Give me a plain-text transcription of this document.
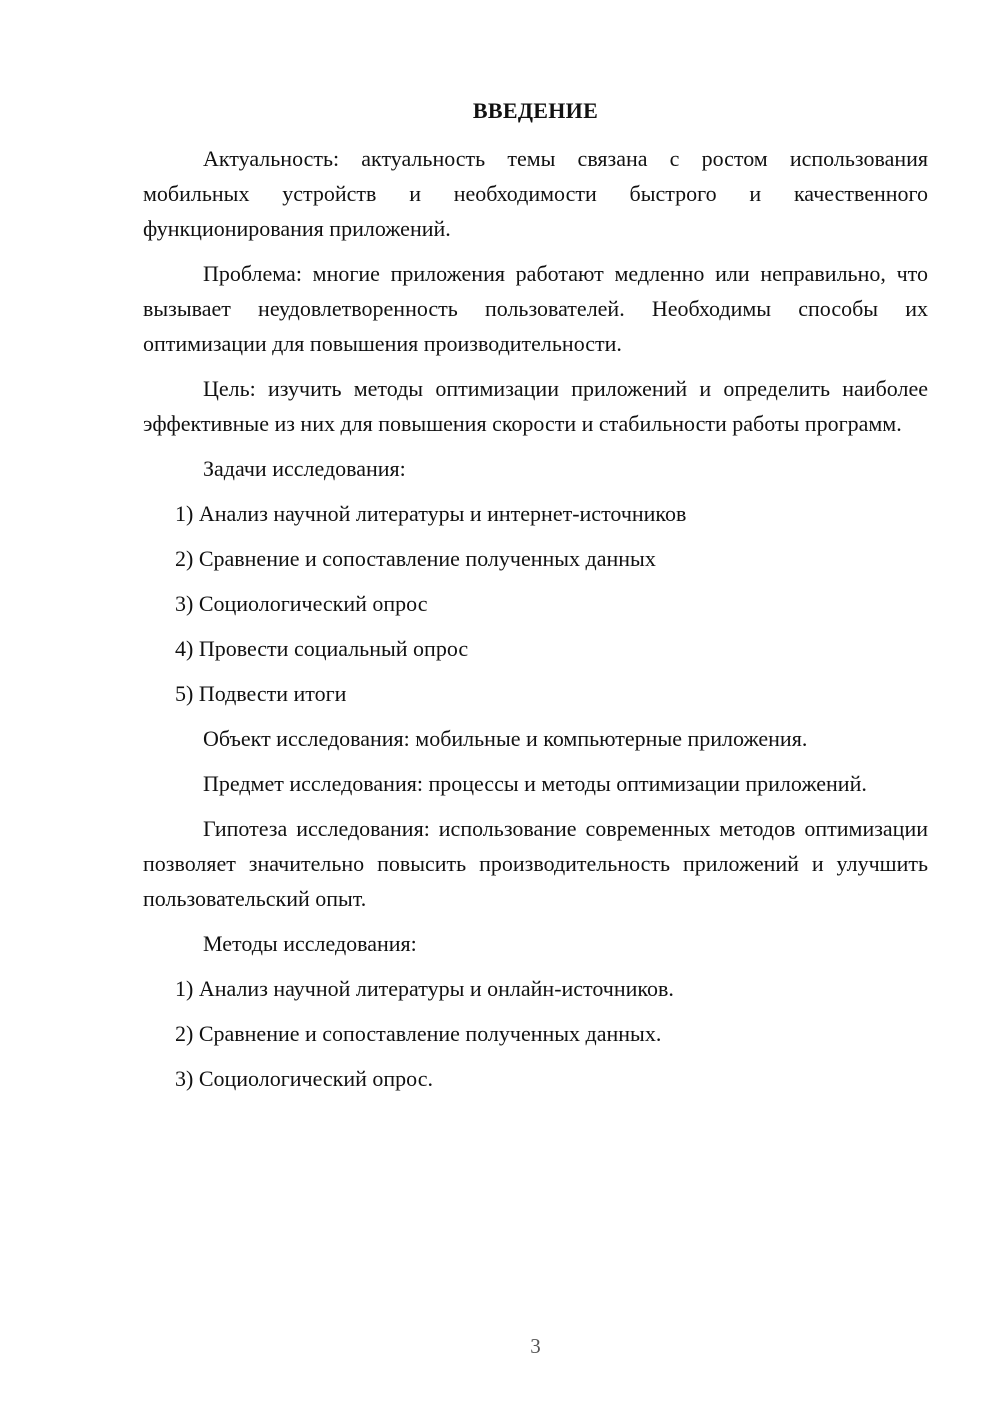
ВВЕДЕНИЕ

Актуальность: актуальность темы связана с ростом использования мобильных устройств и необходимости быстрого и качественного функционирования приложений.

Проблема: многие приложения работают медленно или неправильно, что вызывает неудовлетворенность пользователей. Необходимы способы их оптимизации для повышения производительности.

Цель: изучить методы оптимизации приложений и определить наиболее эффективные из них для повышения скорости и стабильности работы программ.

Задачи исследования:

1) Анализ научной литературы и интернет-источников

2) Сравнение и сопоставление полученных данных

3) Социологический опрос

4) Провести социальный опрос

5) Подвести итоги

Объект исследования: мобильные и компьютерные приложения.

Предмет исследования: процессы и методы оптимизации приложений.

Гипотеза исследования: использование современных методов оптимизации позволяет значительно повысить производительность приложений и улучшить пользовательский опыт.

Методы исследования:

1) Анализ научной литературы и онлайн-источников.

2) Сравнение и сопоставление полученных данных.

3) Социологический опрос.

3
